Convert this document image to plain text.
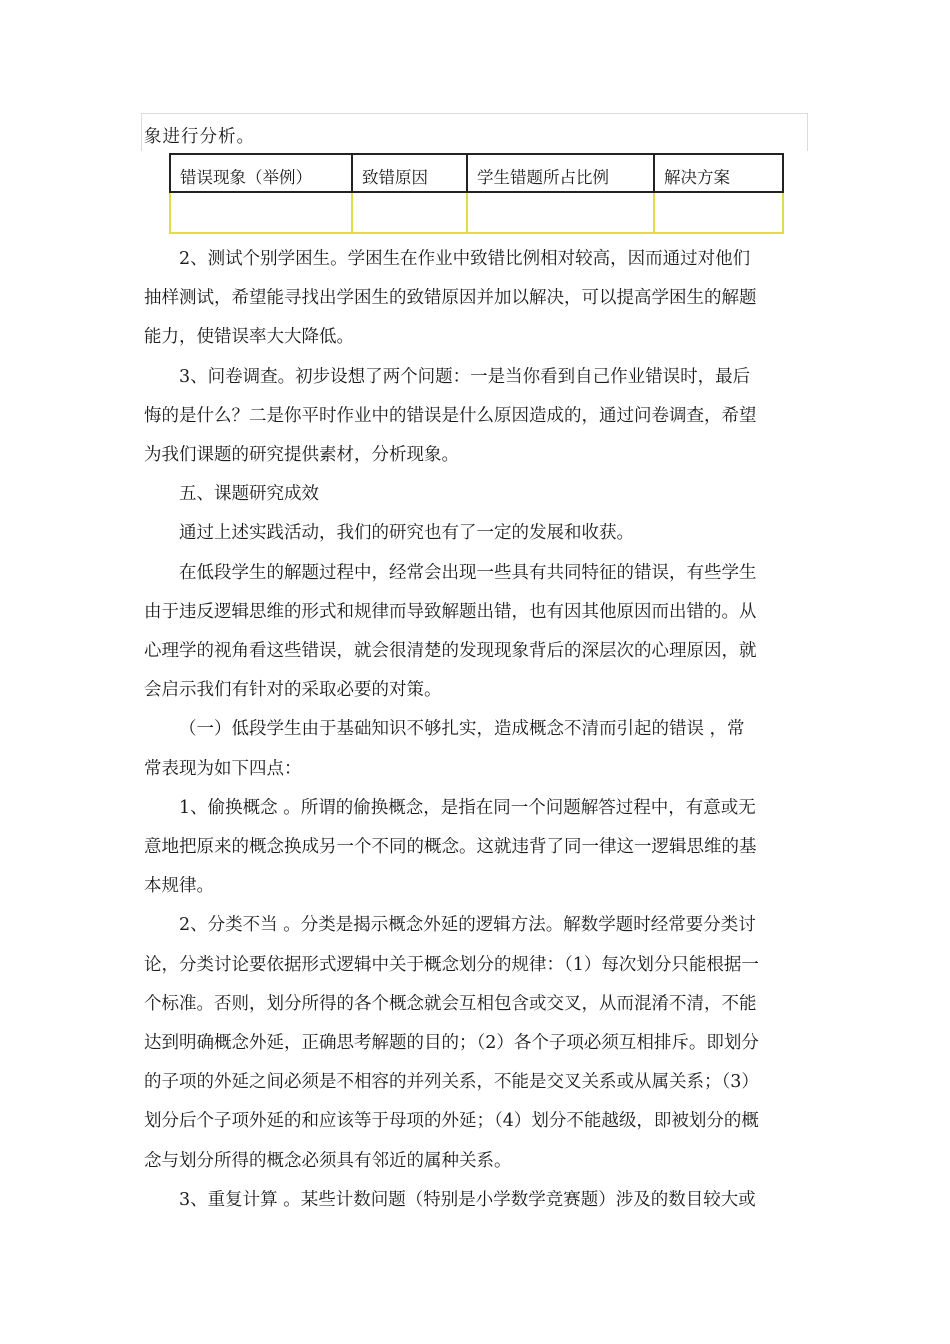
象进行分析。
错误现象（举例）	致错原因	学生错题所占比例	解决方案

2、测试个别学困生。学困生在作业中致错比例相对较高，因而通过对他们
抽样测试，希望能寻找出学困生的致错原因并加以解决，可以提高学困生的解题
能力，使错误率大大降低。
3、问卷调查。初步设想了两个问题：一是当你看到自己作业错误时，最后
悔的是什么？二是你平时作业中的错误是什么原因造成的，通过问卷调查，希望
为我们课题的研究提供素材，分析现象。
五、课题研究成效
通过上述实践活动，我们的研究也有了一定的发展和收获。
在低段学生的解题过程中，经常会出现一些具有共同特征的错误，有些学生
由于违反逻辑思维的形式和规律而导致解题出错，也有因其他原因而出错的。从
心理学的视角看这些错误，就会很清楚的发现现象背后的深层次的心理原因，就
会启示我们有针对的采取必要的对策。
（一）低段学生由于基础知识不够扎实，造成概念不清而引起的错误 ，常
常表现为如下四点：
1、偷换概念 。所谓的偷换概念，是指在同一个问题解答过程中，有意或无
意地把原来的概念换成另一个不同的概念。这就违背了同一律这一逻辑思维的基
本规律。
2、分类不当 。分类是揭示概念外延的逻辑方法。解数学题时经常要分类讨
论，分类讨论要依据形式逻辑中关于概念划分的规律：（1）每次划分只能根据一
个标准。否则，划分所得的各个概念就会互相包含或交叉，从而混淆不清，不能
达到明确概念外延，正确思考解题的目的；（2）各个子项必须互相排斥。即划分
的子项的外延之间必须是不相容的并列关系，不能是交叉关系或从属关系；（3）
划分后个子项外延的和应该等于母项的外延；（4）划分不能越级，即被划分的概
念与划分所得的概念必须具有邻近的属种关系。
3、重复计算 。某些计数问题（特别是小学数学竞赛题）涉及的数目较大或
